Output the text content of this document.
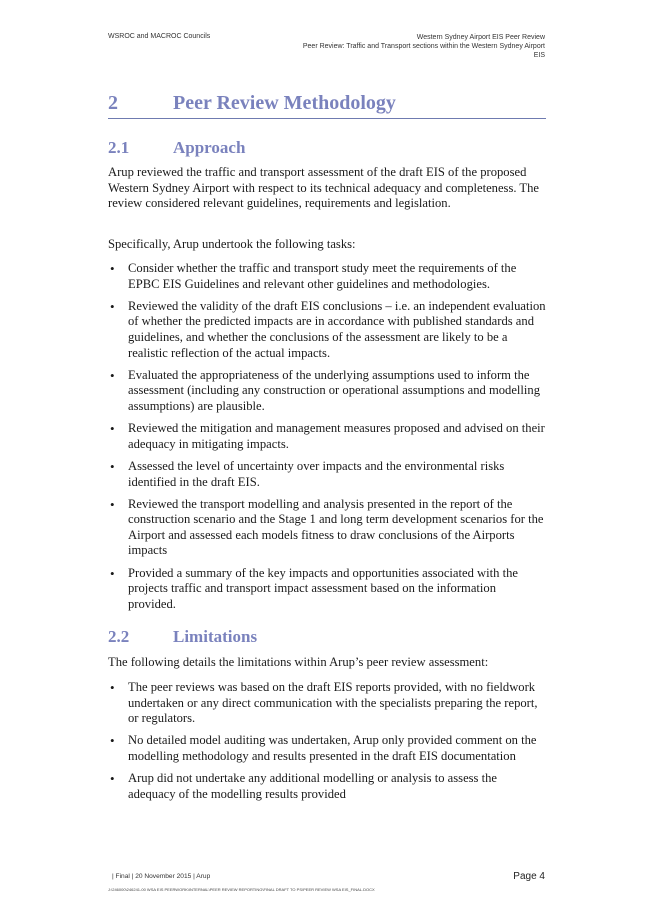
WSROC and MACROC Councils	Western Sydney Airport EIS Peer Review
Peer Review: Traffic and Transport sections within the Western Sydney Airport
EIS
2	Peer Review Methodology
2.1	Approach

Arup reviewed the traffic and transport assessment of the draft EIS of the proposed Western Sydney Airport with respect to its technical adequacy and completeness. The review considered relevant guidelines, requirements and legislation.

Specifically, Arup undertook the following tasks:

• Consider whether the traffic and transport study meet the requirements of the EPBC EIS Guidelines and relevant other guidelines and methodologies.
• Reviewed the validity of the draft EIS conclusions – i.e. an independent evaluation of whether the predicted impacts are in accordance with published standards and guidelines, and whether the conclusions of the assessment are likely to be a realistic reflection of the actual impacts.
• Evaluated the appropriateness of the underlying assumptions used to inform the assessment (including any construction or operational assumptions and modelling assumptions) are plausible.
• Reviewed the mitigation and management measures proposed and advised on their adequacy in mitigating impacts.
• Assessed the level of uncertainty over impacts and the environmental risks identified in the draft EIS.
• Reviewed the transport modelling and analysis presented in the report of the construction scenario and the Stage 1 and long term development scenarios for the Airport and assessed each models fitness to draw conclusions of the Airports impacts
• Provided a summary of the key impacts and opportunities associated with the projects traffic and transport impact assessment based on the information provided.
2.2	Limitations

The following details the limitations within Arup’s peer review assessment:

• The peer reviews was based on the draft EIS reports provided, with no fieldwork undertaken or any direct communication with the specialists preparing the report, or regulators.
• No detailed model auditing was undertaken, Arup only provided comment on the modelling methodology and results presented in the draft EIS documentation
• Arup did not undertake any additional modelling or analysis to assess the adequacy of the modelling results provided
| Final | 20 November 2015 | Arup	Page 4
J:\246000\246241-00 WSA EIS PEERWORK\INTERNAL\PEER REVIEW REPORTING\FINAL DRAFT TO PS\PEER REVIEW WSA EIS_FINAL.DOCX
